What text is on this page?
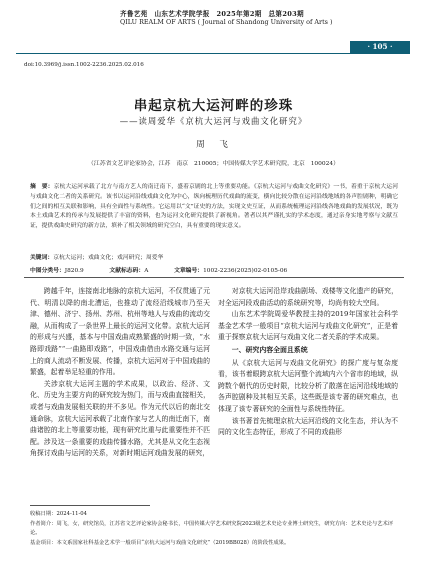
齐鲁艺苑　山东艺术学院学报　2025年第2期　总第203期
QILU REALM OF ARTS ( Journal of Shandong University of Arts )
· 105 ·
doi:10.3969/j.issn.1002-2236.2025.02.016
串起京杭大运河畔的珍珠
——读周爱华《京杭大运河与戏曲文化研究》
周　飞
（江苏省文艺评论家协会，江苏　南京　210005；中国传媒大学艺术研究院，北京　100024）
摘　要：京杭大运河承载了北方与南方艺人的南迁南下，盛着京剧的北上等重要功能。《京杭大运河与戏曲文化研究》一书，着重于京杭大运河与戏曲文化二者的关系研究。该书以运河沿线戏曲文化为中心，纵向梳理历代戏曲的流变，横向比较分散在运河沿线地域的各声腔剧种，明确它们之间的相互关联和影响，具有全面性与系统性。它运用以“文”证史的方法，实现文史互证，从而系统梳理运河沿线各地戏曲的发展状况，既为本土戏曲艺术的传承与发展提供了丰富的资料，也为运河文化研究提供了新视角。著者以其严谨扎实的学术态度，通过亲身实地考察与文献互证，提供戏曲史研究的新方法，填补了相关领域的研究空白，具有重要的现实意义。
关键词：京杭大运河；戏曲文化；戏河研究；周爱华
中图分类号：J820.9	文献标志码：A	文章编号：1002-2236(2025)02-0105-06

跨越千年，连接南北地脉的京杭大运河，不仅贯通了元代、明清以降的南北漕运，也推动了流经沿线城市乃至天津、德州、济宁、扬州、苏州、杭州等地人与戏曲的流动交融，从而构成了一条世界上最长的运河文化带。京杭大运河的形成与兴盛，基本与中国戏曲成熟繁盛的时期一致，“水路即戏路”“一曲路即戏路”，中国戏曲借由水路交通与运河上的商人流动不断发展、传播，京杭大运河对于中国戏曲的繁盛，起着举足轻重的作用。

关涉京杭大运河主题的学术成果，以政治、经济、文化、历史为主要方向的研究较为热门，而与戏曲直接相关，或者与戏曲发展相关联的并不多见。作为元代以后的南北交通命脉，京杭大运河承载了北南作家与艺人的南迁南下，南曲诸腔的北上等重要功能，现有研究比重与此重要性并不匹配。涉及这一条重要的戏曲传播水路，尤其是从文化生态视角探讨戏曲与运河的关系，对新时期运河戏曲发展的研究，

对京杭大运河沿岸戏曲剧场、戏楼等文化遗产的研究，对全运河段戏曲活动的系统研究等，均尚有较大空间。

山东艺术学院周爱华教授主持的2019年国家社会科学基金艺术学一般项目“京杭大运河与戏曲文化研究”，正是着重于探察京杭大运河与戏曲文化二者关系的学术成果。

一、研究内容全面且系统

从《京杭大运河与戏曲文化研究》的探广度与复杂度看，该书着眼跨京杭大运河整个流域内六个省市的地域，纵跨数个朝代的历史时限，比较分析了散落在运河沿线地域的各声腔剧种及其相互关系，这些既是该专著的研究难点，也体现了该专著研究的全面性与系统性特征。

该书著首先梳理京杭大运河沿线的文化生态，并认为不同的文化生态特征，形成了不同的戏曲形

收稿日期：2024-11-04
作者简介：周飞，女，研究馆员，江苏省文艺评论家协会秘书长，中国传媒大学艺术研究院2023级艺术史论专业博士研究生，研究方向：艺术史论与艺术评论。
基金项目：本文系国家社科基金艺术学一般项目“京杭大运河与戏曲文化研究”（2019BB028）的阶段性成果。
